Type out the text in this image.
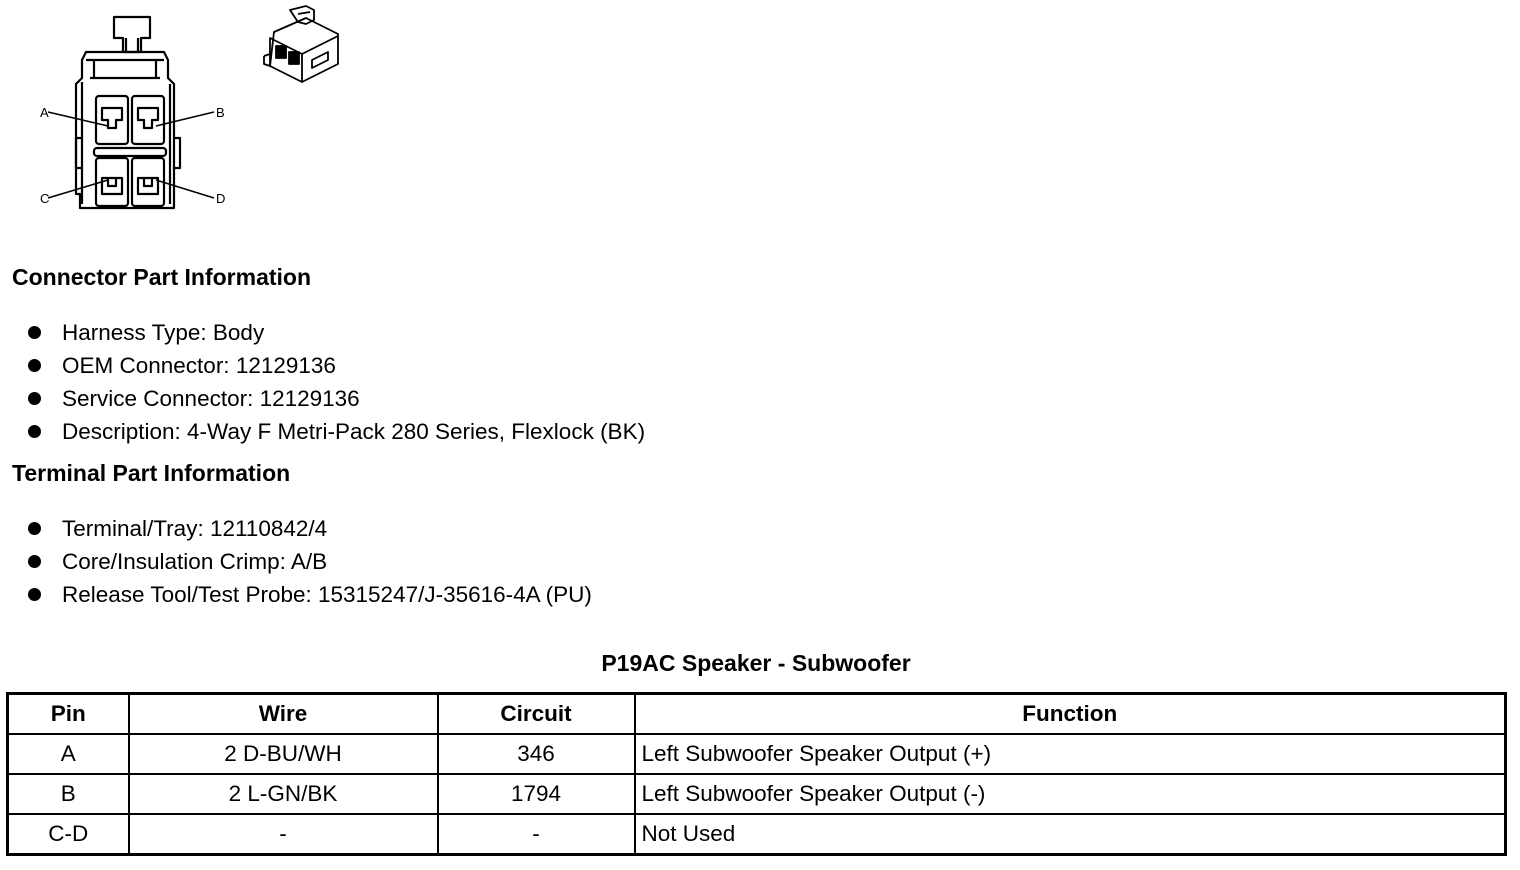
A	B
C	D
Connector Part Information
Harness Type: Body
OEM Connector: 12129136
Service Connector: 12129136
Description: 4-Way F Metri-Pack 280 Series, Flexlock (BK)
Terminal Part Information
Terminal/Tray: 12110842/4
Core/Insulation Crimp: A/B
Release Tool/Test Probe: 15315247/J-35616-4A (PU)
P19AC Speaker - Subwoofer
Pin	Wire	Circuit	Function
A	2 D-BU/WH	346	Left Subwoofer Speaker Output (+)
B	2 L-GN/BK	1794	Left Subwoofer Speaker Output (-)
C-D	-	-	Not Used
